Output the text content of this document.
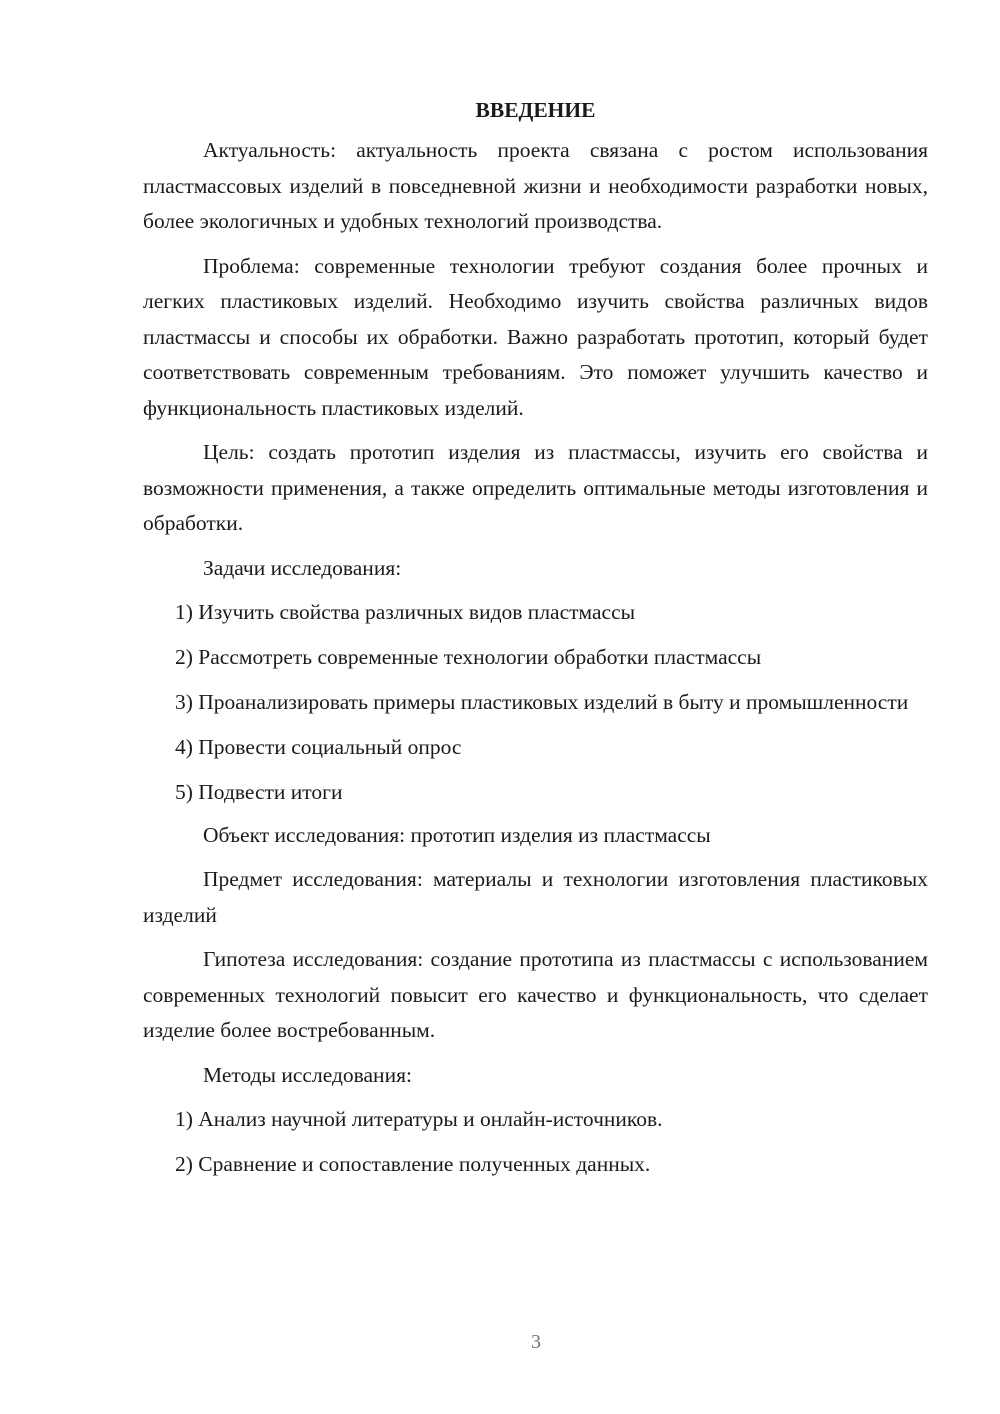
ВВЕДЕНИЕ

Актуальность: актуальность проекта связана с ростом использования пластмассовых изделий в повседневной жизни и необходимости разработки новых, более экологичных и удобных технологий производства.

Проблема: современные технологии требуют создания более прочных и легких пластиковых изделий. Необходимо изучить свойства различных видов пластмассы и способы их обработки. Важно разработать прототип, который будет соответствовать современным требованиям. Это поможет улучшить качество и функциональность пластиковых изделий.

Цель: создать прототип изделия из пластмассы, изучить его свойства и возможности применения, а также определить оптимальные методы изготовления и обработки.

Задачи исследования:

1) Изучить свойства различных видов пластмассы

2) Рассмотреть современные технологии обработки пластмассы

3) Проанализировать примеры пластиковых изделий в быту и промышленности

4) Провести социальный опрос

5) Подвести итоги

Объект исследования: прототип изделия из пластмассы

Предмет исследования: материалы и технологии изготовления пластиковых изделий

Гипотеза исследования: создание прототипа из пластмассы с использованием современных технологий повысит его качество и функциональность, что сделает изделие более востребованным.

Методы исследования:

1) Анализ научной литературы и онлайн-источников.

2) Сравнение и сопоставление полученных данных.

3
